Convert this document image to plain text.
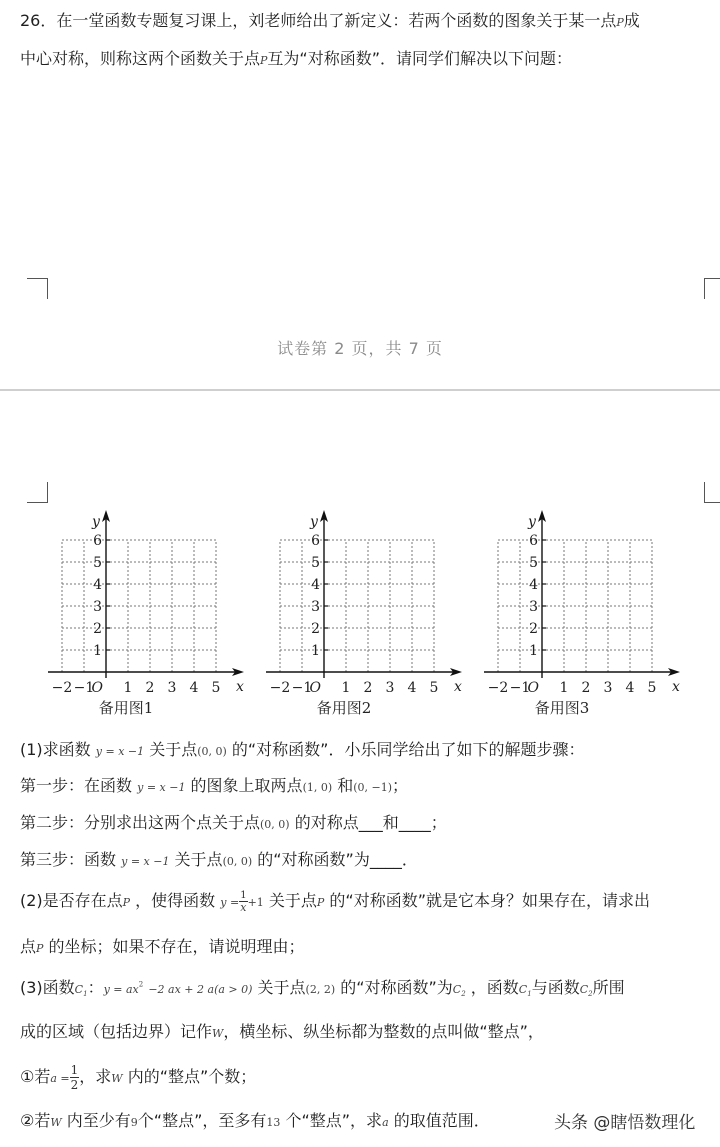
26．在一堂函数专题复习课上，刘老师给出了新定义：若两个函数的图象关于某一点P成
中心对称，则称这两个函数关于点P互为“对称函数”．请同学们解决以下问题：
试卷第 2 页，共 7 页
x
y
−2 −1 1 2 3 4 5
O
1
2
3
4
5
6
备用图1
x
y
−2 −1 1 2 3 4 5
O
1
2
3
4
5
6
备用图2
x
y
−2 −1 1 2 3 4 5
O
1
2
3
4
5
6
备用图3
(1)求函数 y = x −1 关于点(0, 0) 的“对称函数”．小乐同学给出了如下的解题步骤：
第一步：在函数 y = x −1 的图象上取两点(1, 0) 和(0, −1)；
第二步：分别求出这两个点关于点(0, 0) 的对称点___和____；
第三步：函数 y = x −1 关于点(0, 0) 的“对称函数”为____．
(2)是否存在点P ，使得函数 $y = \frac{1}{x} +1$ 关于点P 的“对称函数”就是它本身？如果存在，请求出
点P 的坐标；如果不存在，请说明理由；
(3)函数$C_1$：$y = ax^2 -2$ ax + 2 a(a > 0) 关于点(2, 2) 的“对称函数”为$C_2$ ，函数$C_1$与函数$C_2$所围
成的区域（包括边界）记作W，横坐标、纵坐标都为整数的点叫做“整点”，
①若$a = \frac{1}{2}$ ，求W 内的“整点”个数；
②若W 内至少有9个“整点”，至多有13 个“整点”，求a 的取值范围．	头条 @瞎悟数理化
